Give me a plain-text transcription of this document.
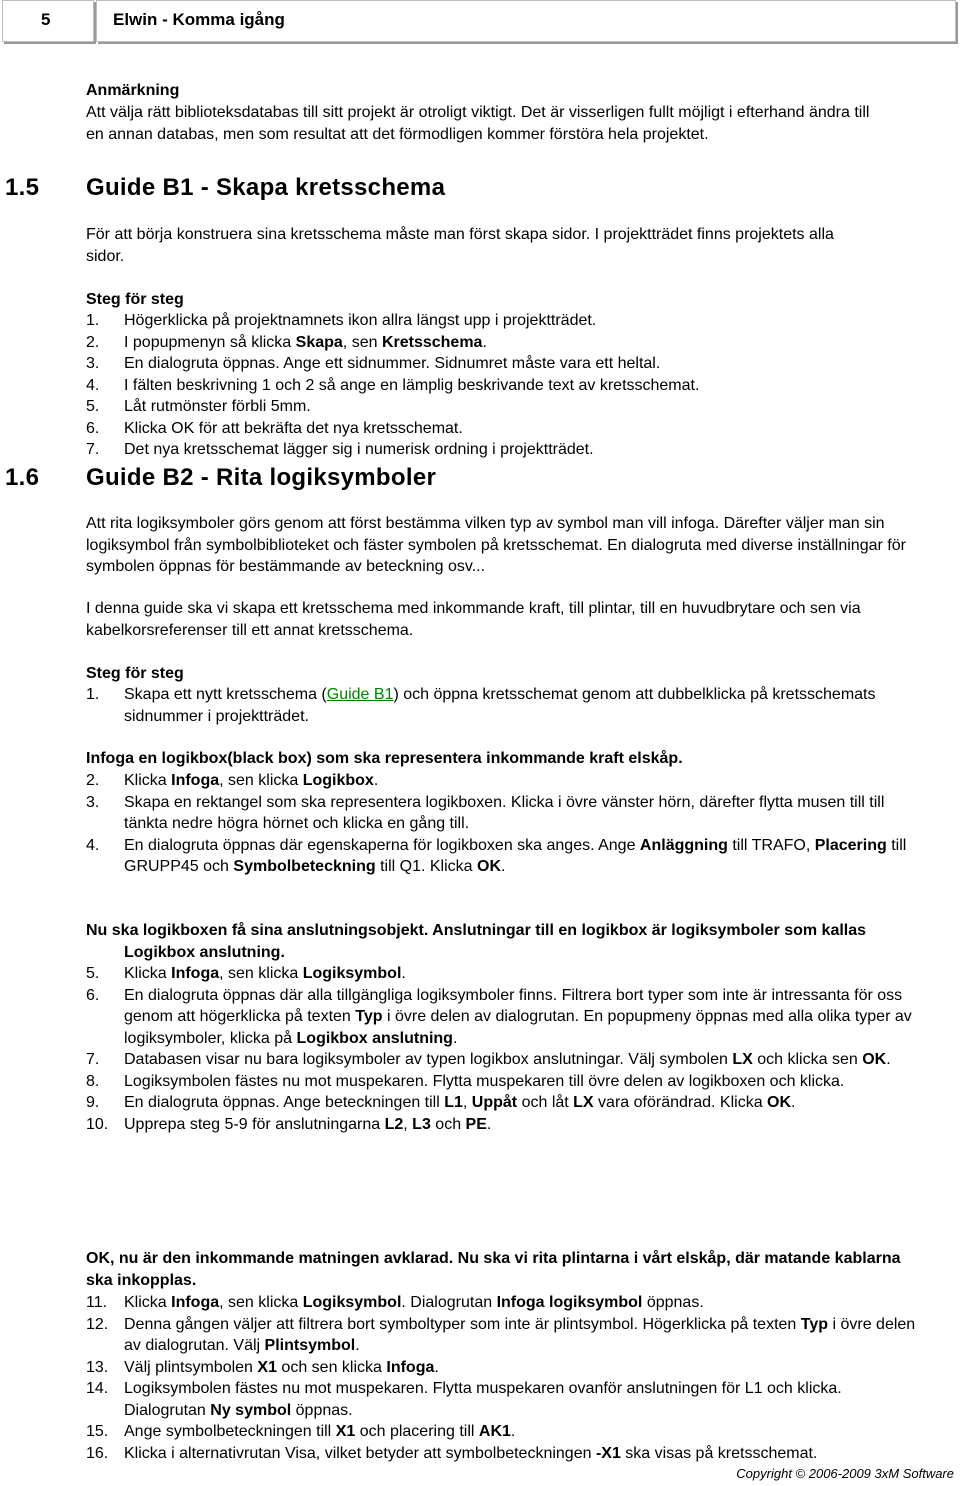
5	Elwin - Komma igång
Anmärkning
Att välja rätt biblioteksdatabas till sitt projekt är otroligt viktigt. Det är visserligen fullt möjligt i efterhand ändra till en annan databas, men som resultat att det förmodligen kommer förstöra hela projektet.
1.5 Guide B1 - Skapa kretsschema
För att börja konstruera sina kretsschema måste man först skapa sidor. I projektträdet finns projektets alla sidor.
Steg för steg
1.	Högerklicka på projektnamnets ikon allra längst upp i projektträdet.
2.	I popupmenyn så klicka Skapa, sen Kretsschema.
3.	En dialogruta öppnas. Ange ett sidnummer. Sidnumret måste vara ett heltal.
4.	I fälten beskrivning 1 och 2 så ange en lämplig beskrivande text av kretsschemat.
5.	Låt rutmönster förbli 5mm.
6.	Klicka OK för att bekräfta det nya kretsschemat.
7.	Det nya kretsschemat lägger sig i numerisk ordning i projektträdet.
1.6 Guide B2 - Rita logiksymboler
Att rita logiksymboler görs genom att först bestämma vilken typ av symbol man vill infoga. Därefter väljer man sin logiksymbol från symbolbiblioteket och fäster symbolen på kretsschemat. En dialogruta med diverse inställningar för symbolen öppnas för bestämmande av beteckning osv...
I denna guide ska vi skapa ett kretsschema med inkommande kraft, till plintar, till en huvudbrytare och sen via kabelkorsreferenser till ett annat kretsschema.
Steg för steg
1.	Skapa ett nytt kretsschema (Guide B1) och öppna kretsschemat genom att dubbelklicka på kretsschemats sidnummer i projektträdet.
Infoga en logikbox(black box) som ska representera inkommande kraft elskåp.
2.	Klicka Infoga, sen klicka Logikbox.
3.	Skapa en rektangel som ska representera logikboxen. Klicka i övre vänster hörn, därefter flytta musen till till tänkta nedre högra hörnet och klicka en gång till.
4.	En dialogruta öppnas där egenskaperna för logikboxen ska anges. Ange Anläggning till TRAFO, Placering till GRUPP45 och Symbolbeteckning till Q1. Klicka OK.
Nu ska logikboxen få sina anslutningsobjekt. Anslutningar till en logikbox är logiksymboler som kallas Logikbox anslutning.
5.	Klicka Infoga, sen klicka Logiksymbol.
6.	En dialogruta öppnas där alla tillgängliga logiksymboler finns. Filtrera bort typer som inte är intressanta för oss genom att högerklicka på texten Typ i övre delen av dialogrutan. En popupmeny öppnas med alla olika typer av logiksymboler, klicka på Logikbox anslutning.
7.	Databasen visar nu bara logiksymboler av typen logikbox anslutningar. Välj symbolen LX och klicka sen OK.
8.	Logiksymbolen fästes nu mot muspekaren. Flytta muspekaren till övre delen av logikboxen och klicka.
9.	En dialogruta öppnas. Ange beteckningen till L1, Uppåt och låt LX vara oförändrad. Klicka OK.
10. Upprepa steg 5-9 för anslutningarna L2, L3 och PE.
OK, nu är den inkommande matningen avklarad. Nu ska vi rita plintarna i vårt elskåp, där matande kablarna ska inkopplas.
11.	Klicka Infoga, sen klicka Logiksymbol. Dialogrutan Infoga logiksymbol öppnas.
12. Denna gången väljer att filtrera bort symboltyper som inte är plintsymbol. Högerklicka på texten Typ i övre delen av dialogrutan. Välj Plintsymbol.
13. Välj plintsymbolen X1 och sen klicka Infoga.
14. Logiksymbolen fästes nu mot muspekaren. Flytta muspekaren ovanför anslutningen för L1 och klicka. Dialogrutan Ny symbol öppnas.
15. Ange symbolbeteckningen till X1 och placering till AK1.
16. Klicka i alternativrutan Visa, vilket betyder att symbolbeteckningen -X1 ska visas på kretsschemat.
Copyright © 2006-2009 3xM Software
